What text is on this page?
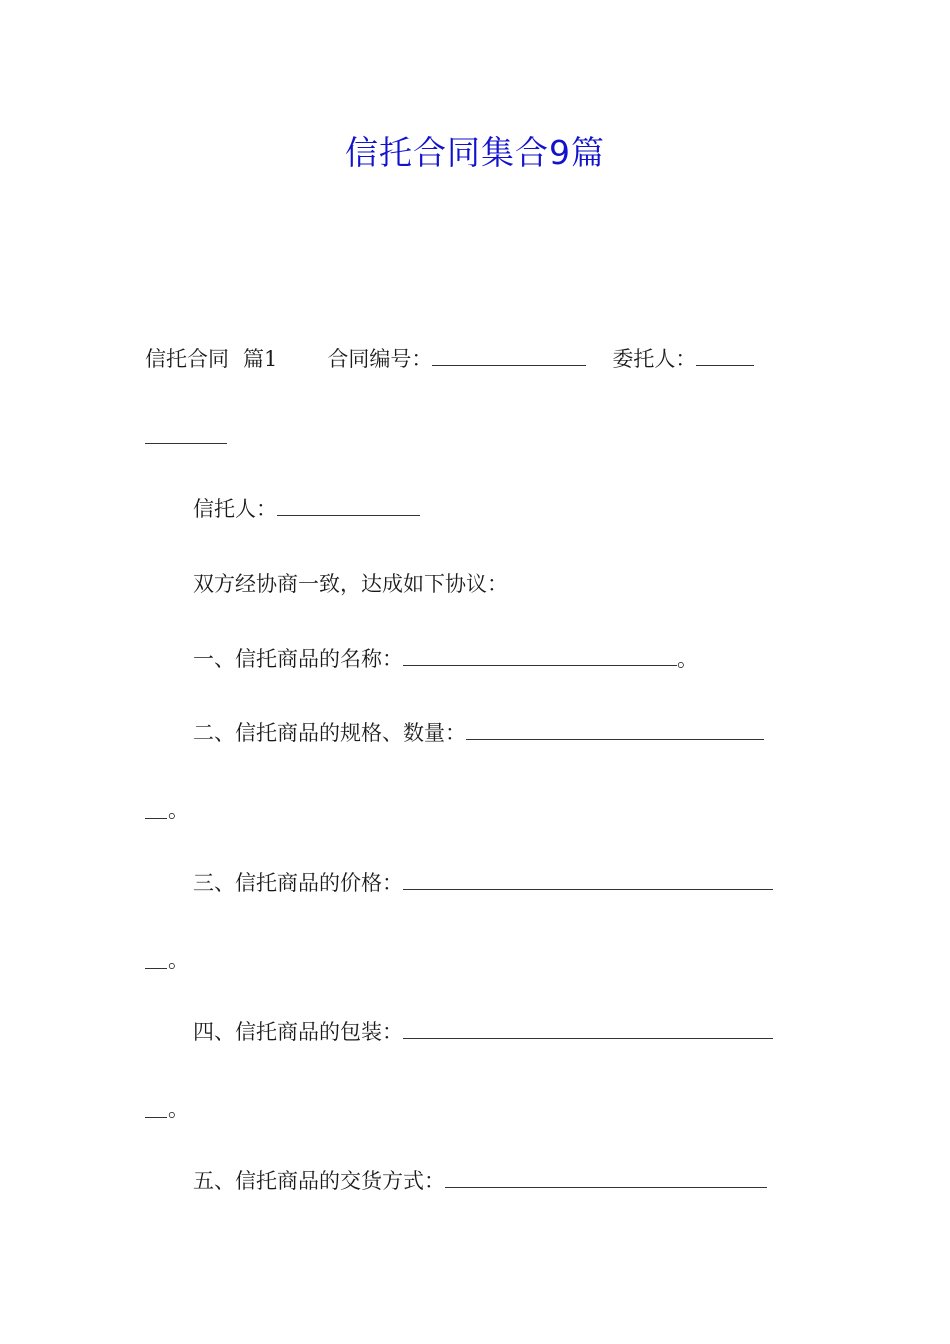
信托合同集合9篇
信托合同 篇1 合同编号：	委托人：
信托人：
双方经协商一致，达成如下协议：
一、信托商品的名称：	。
二、信托商品的规格、数量：
。
三、信托商品的价格：
。
四、信托商品的包装：
。
五、信托商品的交货方式：
